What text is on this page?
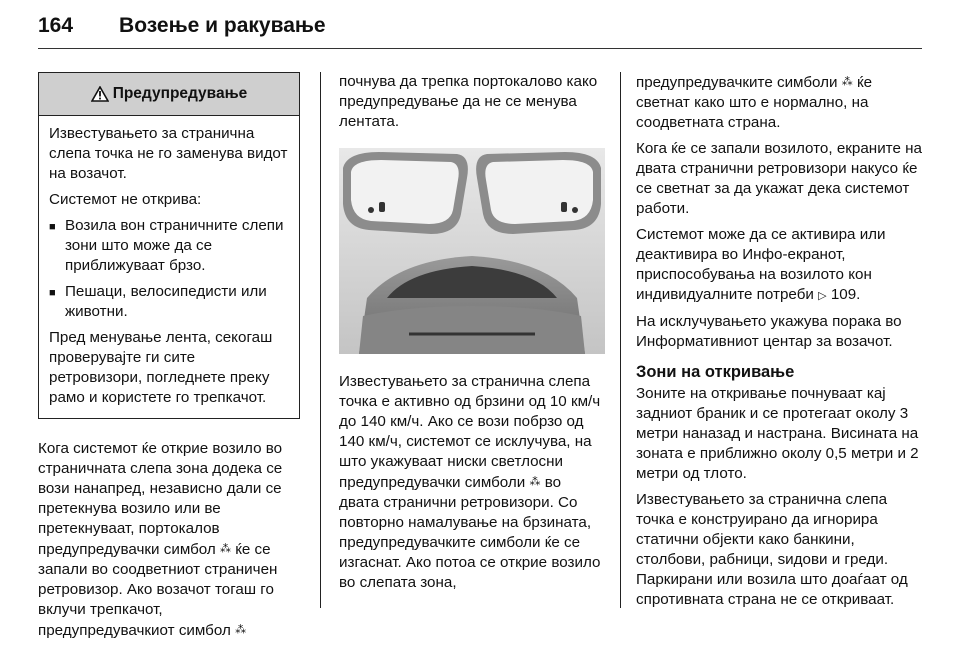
164 Возење и ракување
Предупредување

Известувањето за странична слепа точка не го заменува видот на возачот.

Системот не открива:

■ Возила вон страничните слепи зони што може да се приближуваат брзо.
■ Пешаци, велосипедисти или животни.

Пред менување лента, секогаш проверувајте ги сите ретровизори, погледнете преку рамо и користете го трепкачот.

Кога системот ќе открие возило во страничната слепа зона додека се вози нанапред, независно дали се претекнува возило или ве претекнуваат, портокалов предупредувачки симбол ⁂ ќе се запали во соодветниот страничен ретровизор. Ако возачот тогаш го вклучи трепкачот, предупредувачкиот симбол ⁂

почнува да трепка портокалово како предупредување да не се менува лентата.

Известувањето за странична слепа точка е активно од брзини од 10 км/ч до 140 км/ч. Ако се вози побрзо од 140 км/ч, системот се исклучува, на што укажуваат ниски светлосни предупредувачки симболи ⁂ во двата странични ретровизори. Со повторно намалување на брзината, предупредувачките симболи ќе се изгаснат. Ако потоа се открие возило во слепата зона,

предупредувачките симболи ⁂ ќе светнат како што е нормално, на соодветната страна.

Кога ќе се запали возилото, екраните на двата странични ретровизори накусо ќе се светнат за да укажат дека системот работи.

Системот може да се активира или деактивира во Инфо-екранот, приспособувања на возилото кон индивидуалните потреби ▷ 109.

На исклучувањето укажува порака во Информативниот центар за возачот.

Зони на откривање

Зоните на откривање почнуваат кај задниот браник и се протегаат околу 3 метри наназад и настрана. Висината на зоната е приближно околу 0,5 метри и 2 метри од тлото.

Известувањето за странична слепа точка е конструирано да игнорира статични објекти како банкини, столбови, рабници, ѕидови и греди. Паркирани или возила што доаѓаат од спротивната страна не се откриваат.
